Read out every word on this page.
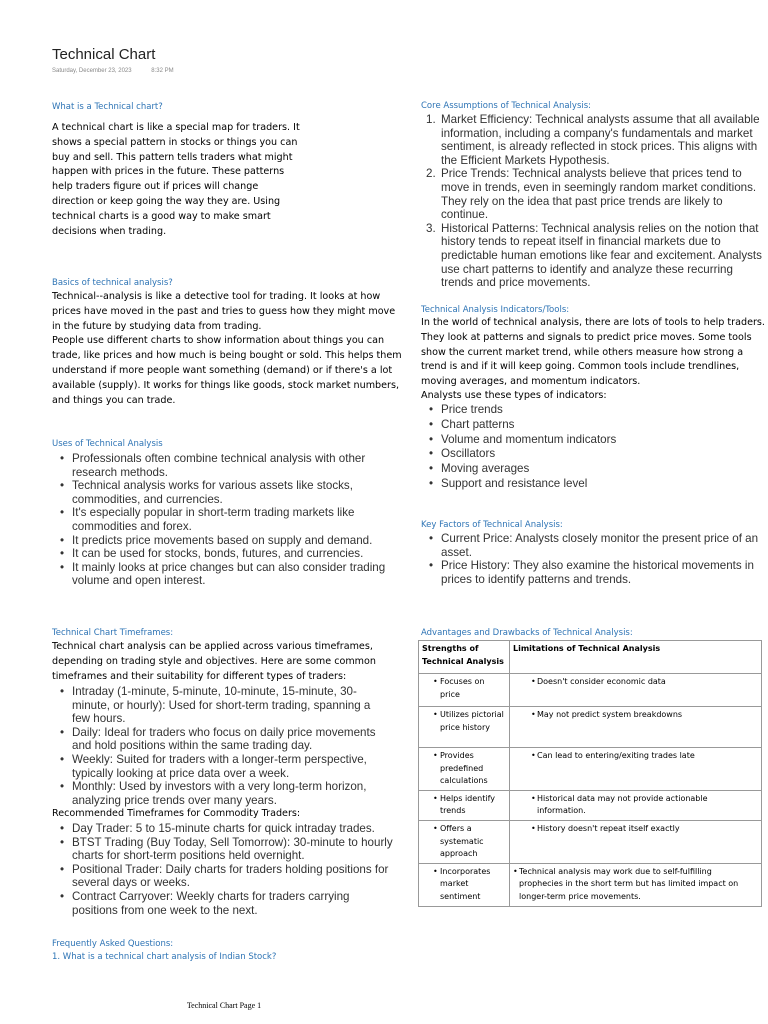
Technical Chart
Saturday, December 23, 2023	8:32 PM
What is a Technical chart?
A technical chart is like a special map for traders. It shows a special pattern in stocks or things you can buy and sell. This pattern tells traders what might happen with prices in the future. These patterns help traders figure out if prices will change direction or keep going the way they are. Using technical charts is a good way to make smart decisions when trading.
Basics of technical analysis?

Technical--analysis is like a detective tool for trading. It looks at how prices have moved in the past and tries to guess how they might move in the future by studying data from trading.

People use different charts to show information about things you can trade, like prices and how much is being bought or sold. This helps them understand if more people want something (demand) or if there's a lot available (supply). It works for things like goods, stock market numbers, and things you can trade.

Uses of Technical Analysis
• Professionals often combine technical analysis with other research methods.
• Technical analysis works for various assets like stocks, commodities, and currencies.
• It's especially popular in short-term trading markets like commodities and forex.
• It predicts price movements based on supply and demand.
• It can be used for stocks, bonds, futures, and currencies.
• It mainly looks at price changes but can also consider trading volume and open interest.
Technical Chart Timeframes:
Technical chart analysis can be applied across various timeframes, depending on trading style and objectives. Here are some common timeframes and their suitability for different types of traders:
• Intraday (1-minute, 5-minute, 10-minute, 15-minute, 30-minute, or hourly): Used for short-term trading, spanning a few hours.
• Daily: Ideal for traders who focus on daily price movements and hold positions within the same trading day.
• Weekly: Suited for traders with a longer-term perspective, typically looking at price data over a week.
• Monthly: Used by investors with a very long-term horizon, analyzing price trends over many years.
Recommended Timeframes for Commodity Traders:
• Day Trader: 5 to 15-minute charts for quick intraday trades.
• BTST Trading (Buy Today, Sell Tomorrow): 30-minute to hourly charts for short-term positions held overnight.
• Positional Trader: Daily charts for traders holding positions for several days or weeks.
• Contract Carryover: Weekly charts for traders carrying positions from one week to the next.
Frequently Asked Questions:
1. What is a technical chart analysis of Indian Stock?
Core Assumptions of Technical Analysis:
1. Market Efficiency: Technical analysts assume that all available information, including a company's fundamentals and market sentiment, is already reflected in stock prices. This aligns with the Efficient Markets Hypothesis.
2. Price Trends: Technical analysts believe that prices tend to move in trends, even in seemingly random market conditions. They rely on the idea that past price trends are likely to continue.
3. Historical Patterns: Technical analysis relies on the notion that history tends to repeat itself in financial markets due to predictable human emotions like fear and excitement. Analysts use chart patterns to identify and analyze these recurring trends and price movements.
Technical Analysis Indicators/Tools:
In the world of technical analysis, there are lots of tools to help traders. They look at patterns and signals to predict price moves. Some tools show the current market trend, while others measure how strong a trend is and if it will keep going. Common tools include trendlines, moving averages, and momentum indicators.
Analysts use these types of indicators:
• Price trends
• Chart patterns
• Volume and momentum indicators
• Oscillators
• Moving averages
• Support and resistance level
Key Factors of Technical Analysis:
• Current Price: Analysts closely monitor the present price of an asset.
• Price History: They also examine the historical movements in prices to identify patterns and trends.
Advantages and Drawbacks of Technical Analysis:
Strengths of Technical Analysis	Limitations of Technical Analysis

• Focuses on price	• Doesn't consider economic data

• Utilizes pictorial price history	• May not predict system breakdowns

• Provides predefined calculations	• Can lead to entering/exiting trades late

• Helps identify trends	• Historical data may not provide actionable information.

• Offers a systematic approach	• History doesn't repeat itself exactly

• Incorporates market sentiment	• Technical analysis may work due to self-fulfilling prophecies in the short term but has limited impact on longer-term price movements.
Technical Chart Page 1
